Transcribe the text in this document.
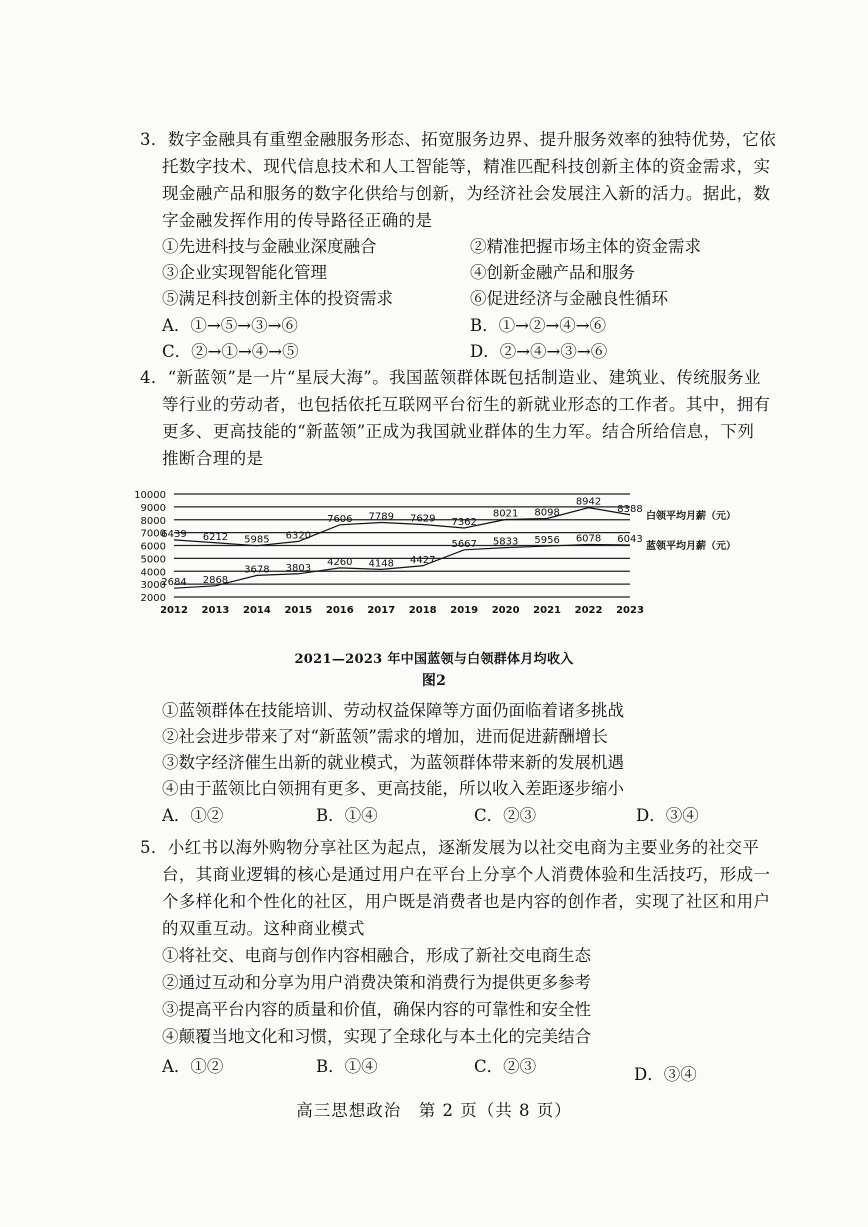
3．数字金融具有重塑金融服务形态、拓宽服务边界、提升服务效率的独特优势，它依
托数字技术、现代信息技术和人工智能等，精准匹配科技创新主体的资金需求，实
现金融产品和服务的数字化供给与创新，为经济社会发展注入新的活力。据此，数
字金融发挥作用的传导路径正确的是
①先进科技与金融业深度融合	②精准把握市场主体的资金需求
③企业实现智能化管理	④创新金融产品和服务
⑤满足科技创新主体的投资需求	⑥促进经济与金融良性循环
A．①→⑤→③→⑥	B．①→②→④→⑥
C．②→①→④→⑤	D．②→④→③→⑥
4．“新蓝领”是一片“星辰大海”。我国蓝领群体既包括制造业、建筑业、传统服务业
等行业的劳动者，也包括依托互联网平台衍生的新就业形态的工作者。其中，拥有
更多、更高技能的“新蓝领”正成为我国就业群体的生力军。结合所给信息，下列
推断合理的是
10000
9000
8000
7000
6000
5000
4000
3000
2000
2012 2013 2014 2015 2016 2017 2018 2019 2020 2021 2022 2023
6439 6212 5985 6320
7606 7789 7629 7362
8021 8098
8942
8388
白领平均月薪（元）
2684 2868
3678 3803
4260 4148 4427
5667 5833 5956 6078 6043
蓝领平均月薪（元）
2021—2023 年中国蓝领与白领群体月均收入
图2
①蓝领群体在技能培训、劳动权益保障等方面仍面临着诸多挑战
②社会进步带来了对“新蓝领”需求的增加，进而促进薪酬增长
③数字经济催生出新的就业模式，为蓝领群体带来新的发展机遇
④由于蓝领比白领拥有更多、更高技能，所以收入差距逐步缩小
A．①②	B．①④	C．②③	D．③④
5．小红书以海外购物分享社区为起点，逐渐发展为以社交电商为主要业务的社交平
台，其商业逻辑的核心是通过用户在平台上分享个人消费体验和生活技巧，形成一
个多样化和个性化的社区，用户既是消费者也是内容的创作者，实现了社区和用户
的双重互动。这种商业模式
①将社交、电商与创作内容相融合，形成了新社交电商生态
②通过互动和分享为用户消费决策和消费行为提供更多参考
③提高平台内容的质量和价值，确保内容的可靠性和安全性
④颠覆当地文化和习惯，实现了全球化与本土化的完美结合
A．①②	B．①④	C．②③	D．③④
高三思想政治　第 2 页（共 8 页）
